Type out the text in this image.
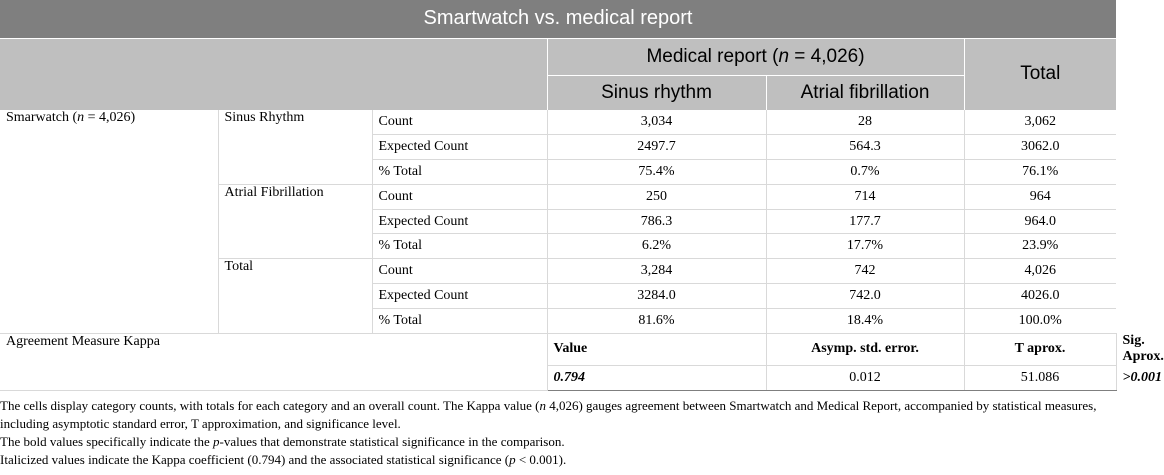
Smartwatch vs. medical report						
			Medical report (n = 4,026)		Total	
			Sinus rhythm	Atrial fibrillation		
Smarwatch (n = 4,026)	Sinus Rhythm	Count	3,034	28	3,062	
		Expected Count	2497.7	564.3	3062.0	
		% Total	75.4%	0.7%	76.1%	
	Atrial Fibrillation	Count	250	714	964	
		Expected Count	786.3	177.7	964.0	
		% Total	6.2%	17.7%	23.9%	
	Total	Count	3,284	742	4,026	
		Expected Count	3284.0	742.0	4026.0	
		% Total	81.6%	18.4%	100.0%	
Agreement Measure Kappa			Value	Asymp. std. error.	T aprox.	Sig. Aprox.
			0.794	0.012	51.086	>0.001

The cells display category counts, with totals for each category and an overall count. The Kappa value (n 4,026) gauges agreement between Smartwatch and Medical Report, accompanied by statistical measures, including asymptotic standard error, T approximation, and significance level.

The bold values specifically indicate the p-values that demonstrate statistical significance in the comparison.

Italicized values indicate the Kappa coefficient (0.794) and the associated statistical significance (p < 0.001).
